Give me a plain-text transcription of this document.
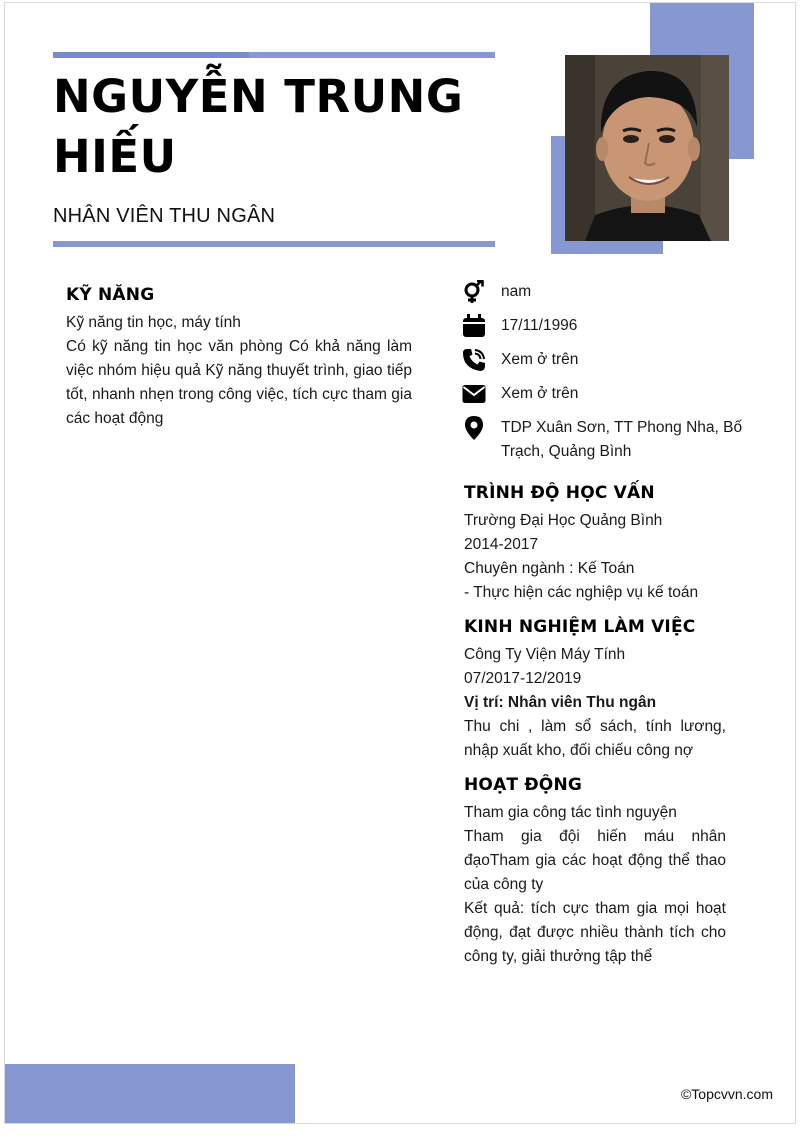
NGUYỄN TRUNG
HIẾU
NHÂN VIÊN THU NGÂN
KỸ NĂNG
Kỹ năng tin học, máy tính
Có kỹ năng tin học văn phòng Có khả năng làm việc nhóm hiệu quả Kỹ năng thuyết trình, giao tiếp tốt, nhanh nhẹn trong công việc, tích cực tham gia các hoạt động
nam
17/11/1996
Xem ở trên
Xem ở trên
TDP Xuân Sơn, TT Phong Nha, Bố Trạch, Quảng Bình
TRÌNH ĐỘ HỌC VẤN
Trường Đại Học Quảng Bình
2014-2017
Chuyên ngành : Kế Toán
- Thực hiện các nghiệp vụ kế toán
KINH NGHIỆM LÀM VIỆC
Công Ty Viện Máy Tính
07/2017-12/2019
Vị trí: Nhân viên Thu ngân
Thu chi , làm sổ sách, tính lương, nhập xuất kho, đối chiếu công nợ
HOẠT ĐỘNG
Tham gia công tác tình nguyện
Tham gia đội hiến máu nhân đạoTham gia các hoạt động thể thao của công ty
Kết quả: tích cực tham gia mọi hoạt động, đạt được nhiều thành tích cho công ty, giải thưởng tập thể
©Topcvvn.com
